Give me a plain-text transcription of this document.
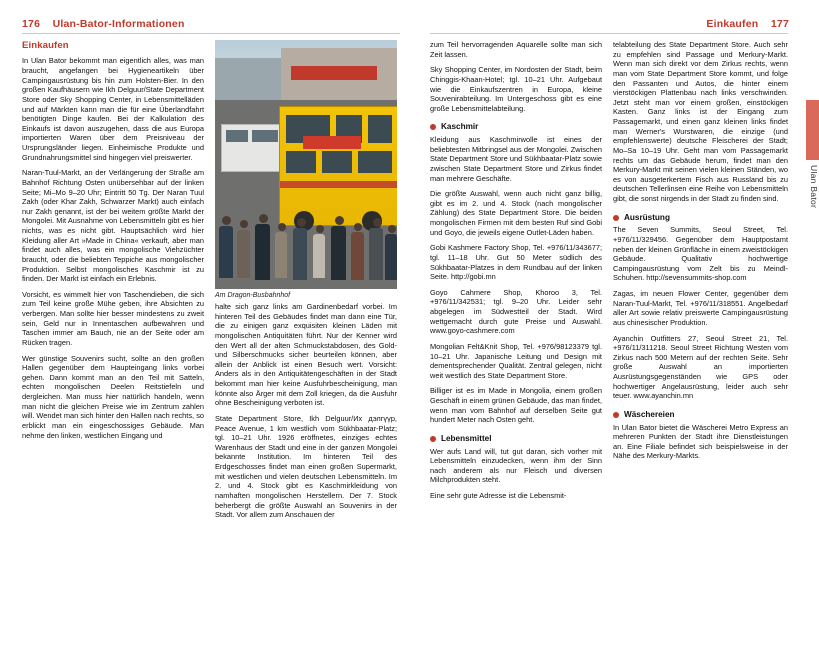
176 Ulan-Bator-Informationen	Einkaufen 177
Ulan Bator
Einkaufen

In Ulan Bator bekommt man eigentlich alles, was man braucht, angefangen bei Hygieneartikeln über Campingausrüstung bis hin zum Holsten-Bier. In den großen Kaufhäusern wie Ikh Delguur/State Department Store oder Sky Shopping Center, in Lebensmittelläden und auf Märkten kann man die für eine Überlandfahrt benötigten Dinge kaufen. Bei der Kalkulation des Einkaufs ist davon auszugehen, dass die aus Europa importierten Waren über dem Preisniveau der Ursprungsländer liegen. Einheimische Produkte und Grundnahrungsmittel sind hingegen viel preiswerter.

Naran-Tuul-Markt, an der Verlängerung der Straße am Bahnhof Richtung Osten unübersehbar auf der linken Seite; Mi–Mo 9–20 Uhr; Eintritt 50 Tg. Der Naran Tuul Zakh (oder Khar Zakh, Schwarzer Markt) auch einfach nur Zakh genannt, ist der bei weitem größte Markt der Mongolei. Mit Ausnahme von Lebensmitteln gibt es hier nichts, was es nicht gibt. Hauptsächlich wird hier Kleidung aller Art »Made in China« verkauft, aber man findet auch alles, was ein mongolische Viehzüchter braucht, oder die beliebten Teppiche aus mongolischer Produktion. Selbst mongolisches Kaschmir ist zu finden. Der Markt ist einfach ein Erlebnis.

Vorsicht, es wimmelt hier von Taschendieben, die sich zum Teil keine große Mühe geben, ihre Absichten zu verbergen. Man sollte hier besser mindestens zu zweit sein, Geld nur in Innentaschen aufbewahren und Taschen immer am Bauch, nie an der Seite oder am Rücken tragen.

Wer günstige Souvenirs sucht, sollte an den großen Hallen gegenüber dem Haupteingang links vorbei gehen. Dann kommt man an den Teil mit Satteln, echten mongolischen Deelen Reitstiefeln und dergleichen. Man muss hier natürlich handeln, wenn man nicht die gleichen Preise wie im Zentrum zahlen will. Wendet man sich hinter den Hallen nach rechts, so erblickt man ein eingeschossiges Gebäude. Man nehme den linken, westlichen Eingang und

Am Dragon-Busbahnhof

halte sich ganz links am Gardinenbedarf vorbei. Im hinteren Teil des Gebäudes findet man dann eine Tür, die zu einigen ganz exquisiten kleinen Läden mit mongolischen Antiquitäten führt. Nur der Kenner wird den Wert all der alten Schmuckstabdosen, des Gold- und Silberschmucks sicher beurteilen können, aber allein der Anblick ist einen Besuch wert. Vorsicht: Anders als in den Antiquitätengeschäften in der Stadt bekommt man hier keine Ausfuhrbescheinigung, man könnte also Ärger mit dem Zoll kriegen, da die Ausfuhr ohne Bescheinigung verboten ist.

State Department Store, Ikh Delguur/Их дэлгүүр, Peace Avenue, 1 km westlich vom Sükhbaatar-Platz; tgl. 10–21 Uhr. 1926 eröffnetes, einziges echtes Warenhaus der Stadt und eine in der ganzen Mongolei bekannte Institution. Im hinteren Teil des Erdgeschosses findet man einen großen Supermarkt, mit westlichen und vielen deutschen Lebensmitteln. Im 2. und 4. Stock gibt es Kaschmirkleidung von namhaften mongolischen Herstellern. Der 7. Stock beherbergt die größte Auswahl an Souvenirs in der Stadt. Vor allem zum Anschauen der

zum Teil hervorragenden Aquarelle sollte man sich Zeit lassen.

Sky Shopping Center, im Nordosten der Stadt, beim Chinggis-Khaan-Hotel; tgl. 10–21 Uhr. Aufgebaut wie die Einkaufszentren in Europa, kleine Souvenirabteilung. Im Untergeschoss gibt es eine große Lebensmittelabteilung.

Kaschmir

Kleidung aus Kaschmirwolle ist eines der beliebtesten Mitbringsel aus der Mongolei. Zwischen State Department Store und Sükhbaatar-Platz sowie zwischen State Department Store und Zirkus findet man mehrere Geschäfte.

Die größte Auswahl, wenn auch nicht ganz billig, gibt es im 2. und 4. Stock (nach mongolischer Zählung) des State Department Store. Die beiden mongolischen Firmen mit dem besten Ruf sind Gobi und Goyo, die jeweils eigene Outlet-Läden haben.

Gobi Kashmere Factory Shop, Tel. +976/11/343677; tgl. 11–18 Uhr. Gut 50 Meter südlich des Sükhbaatar-Platzes in dem Rundbau auf der linken Seite. http://gobi.mn

Goyo Cahmere Shop, Khoroo 3, Tel. +976/11/342531; tgl. 9–20 Uhr. Leider sehr abgelegen im Südwestteil der Stadt. Wird wettgemacht durch gute Preise und Auswahl. www.goyo-cashmere.com

Mongolian Felt&Knit Shop, Tel. +976/98123379 tgl. 10–21 Uhr. Japanische Leitung und Design mit dementsprechender Qualität. Zentral gelegen, nicht weit westlich des State Department Store.

Billiger ist es im Made in Mongolia, einem großen Geschäft in einem grünen Gebäude, das man findet, wenn man vom Bahnhof auf derselben Seite gut hundert Meter nach Osten geht.

Lebensmittel

Wer aufs Land will, tut gut daran, sich vorher mit Lebensmitteln einzudecken, wenn ihm der Sinn nach anderem als nur Fleisch und diversen Milchprodukten steht.

Eine sehr gute Adresse ist die Lebensmit-

telabteilung des State Department Store. Auch sehr zu empfehlen sind Passage und Merkury-Markt. Wenn man sich direkt vor dem Zirkus rechts, wenn man vom State Department Store kommt, und folge den Passanten und Autos, die hinter einem vierstöckigen Plattenbau nach links verschwinden. Jetzt steht man vor einem großen, einstöckigen Kasten. Ganz links ist der Eingang zum Passagemarkt, und einen ganz kleinen links findet man Werner's Wurstwaren, die einzige (und empfehlenswerte) deutsche Fleischerei der Stadt; Mo–Sa 10–19 Uhr. Geht man vom Passagemarkt rechts um das Gebäude herum, findet man den Merkury-Markt mit seinen vielen kleinen Ständen, wo es von ausgeterkertem Fisch aus Russland bis zu deutschen Tellerlinsen eine Reihe von Lebensmitteln gibt, die sonst nirgends in der Stadt zu finden sind.

Ausrüstung

The Seven Summits, Seoul Street, Tel. +976/11/329456. Gegenüber dem Hauptpostamt neben der kleinen Grünfläche in einem zweistöckigen Gebäude. Qualitativ hochwertige Campingausrüstung vom Zelt bis zu Meindl-Schuhen. http://sevensummits-shop.com

Zagas, im neuen Flower Center, gegenüber dem Naran-Tuul-Markt, Tel. +976/11/318551. Angelbedarf aller Art sowie relativ preiswerte Campingausrüstung aus chinesischer Produktion.

Ayanchin Outfitters 27, Seoul Street 21, Tel. +976/11/311218. Seoul Street Richtung Westen vom Zirkus nach 500 Metern auf der rechten Seite. Sehr große Auswahl an importierten Ausrüstungsgegenständen wie GPS oder hochwertiger Angelausrüstung, leider auch sehr teuer. www.ayanchin.mn

Wäschereien

In Ulan Bator bietet die Wäscherei Metro Express an mehreren Punkten der Stadt ihre Dienstleistungen an. Eine Filiale befindet sich beispielsweise in der Nähe des Merkury-Markts.
